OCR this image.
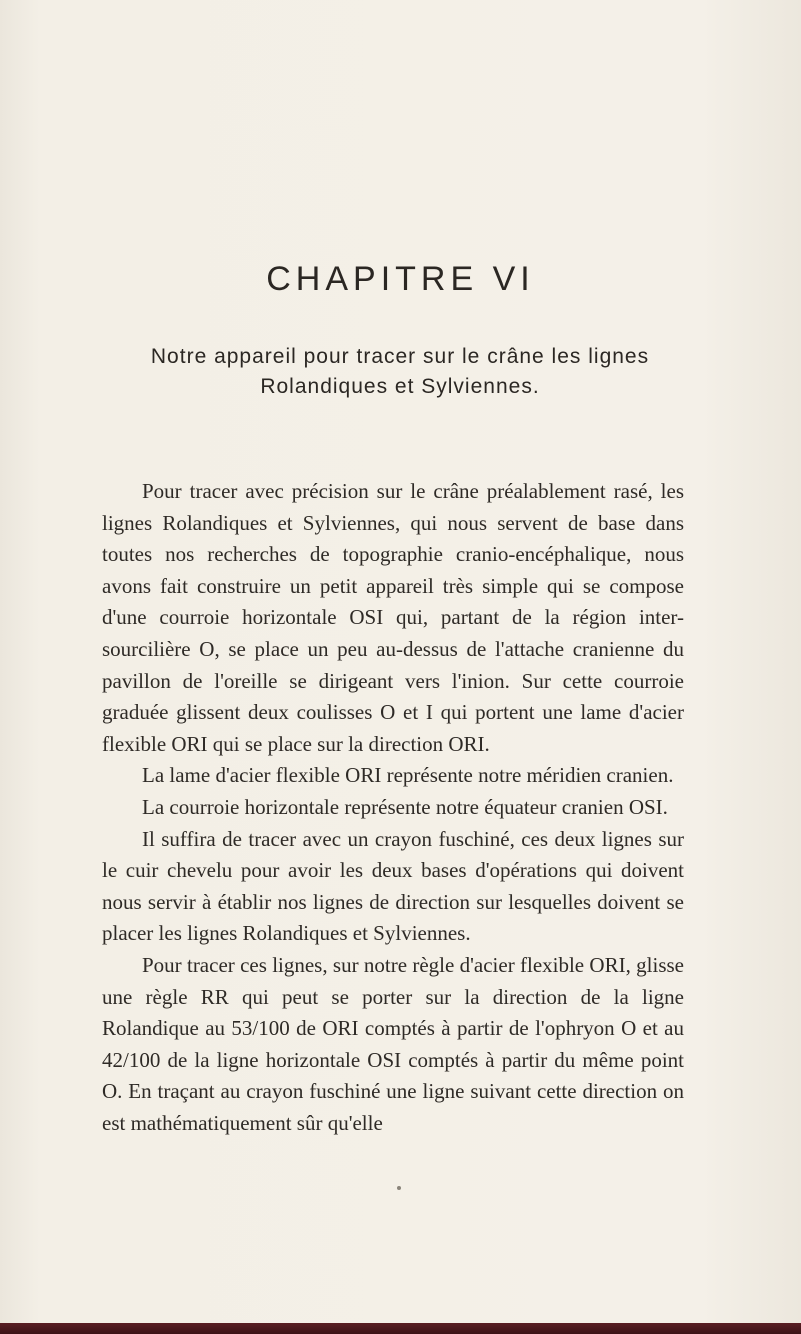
CHAPITRE VI
Notre appareil pour tracer sur le crâne les lignes
Rolandiques et Sylviennes.

Pour tracer avec précision sur le crâne préalablement rasé, les lignes Rolandiques et Sylviennes, qui nous servent de base dans toutes nos recherches de topographie cranio-encéphalique, nous avons fait construire un petit appareil très simple qui se compose d'une courroie horizontale OSI qui, partant de la région inter-sourcilière O, se place un peu au-dessus de l'attache cranienne du pavillon de l'oreille se dirigeant vers l'inion. Sur cette courroie graduée glissent deux coulisses O et I qui portent une lame d'acier flexible ORI qui se place sur la direction ORI.

La lame d'acier flexible ORI représente notre méridien cranien.

La courroie horizontale représente notre équateur cranien OSI.

Il suffira de tracer avec un crayon fuschiné, ces deux lignes sur le cuir chevelu pour avoir les deux bases d'opérations qui doivent nous servir à établir nos lignes de direction sur lesquelles doivent se placer les lignes Rolandiques et Sylviennes.

Pour tracer ces lignes, sur notre règle d'acier flexible ORI, glisse une règle RR qui peut se porter sur la direction de la ligne Rolandique au 53/100 de ORI comptés à partir de l'ophryon O et au 42/100 de la ligne horizontale OSI comptés à partir du même point O. En traçant au crayon fuschiné une ligne suivant cette direction on est mathématiquement sûr qu'elle
